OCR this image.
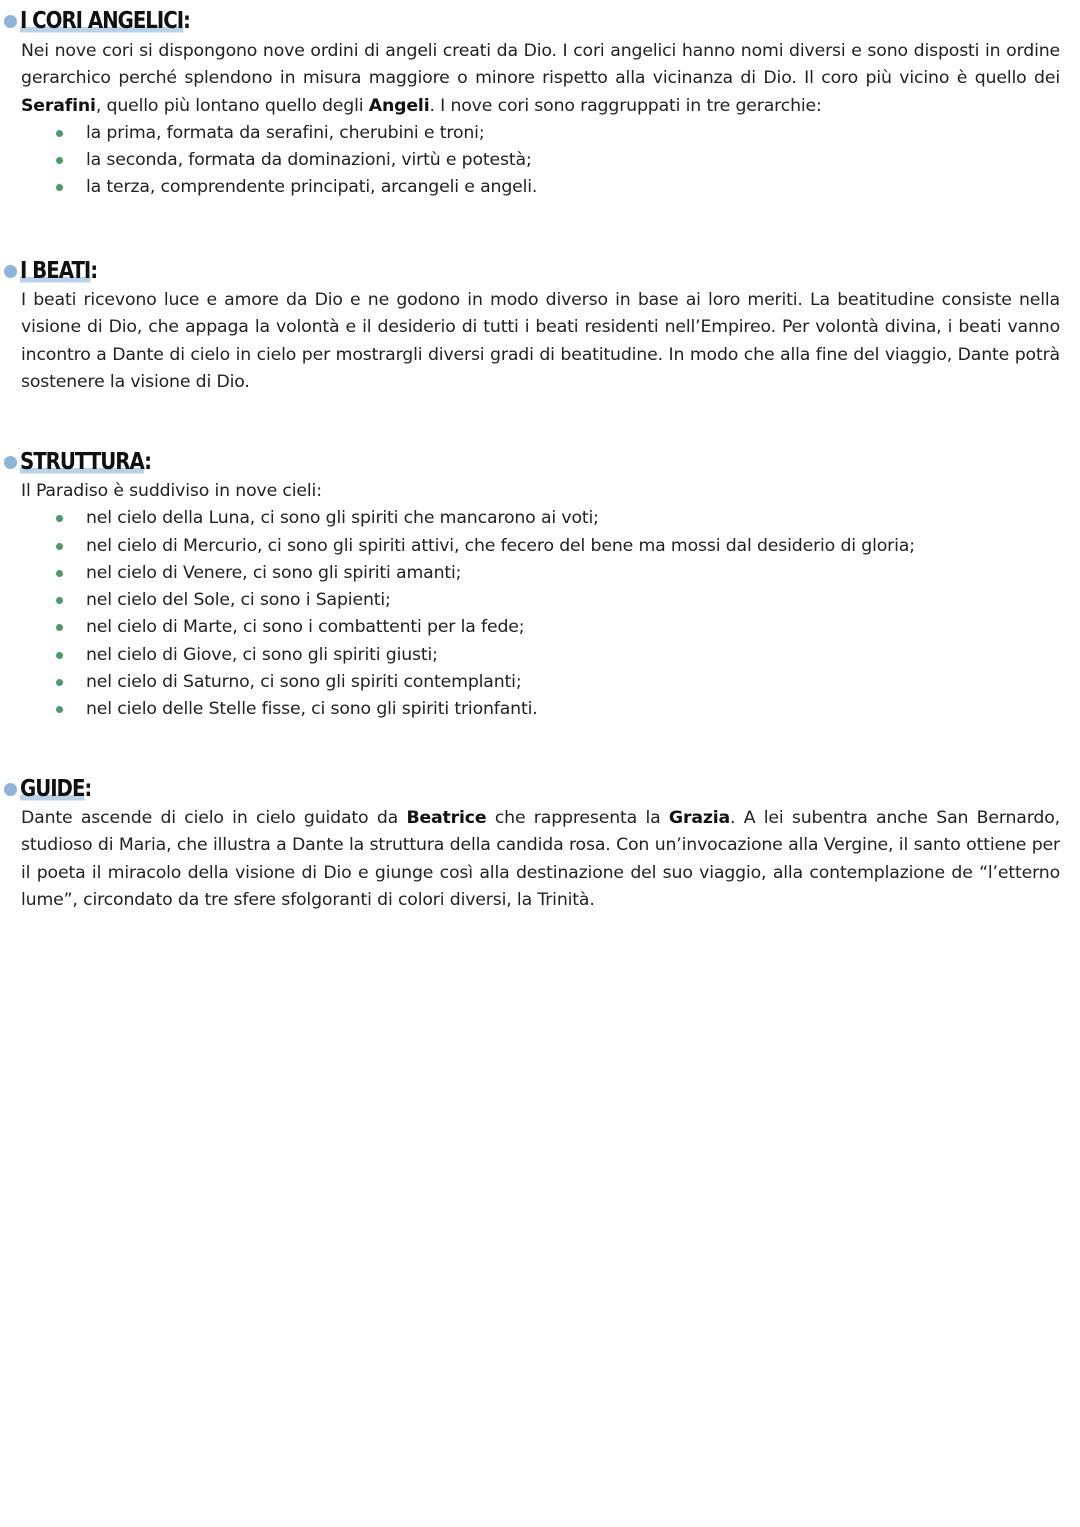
I CORI ANGELICI:

Nei nove cori si dispongono nove ordini di angeli creati da Dio. I cori angelici hanno nomi diversi e sono disposti in ordine gerarchico perché splendono in misura maggiore o minore rispetto alla vicinanza di Dio. Il coro più vicino è quello dei Serafini, quello più lontano quello degli Angeli. I nove cori sono raggruppati in tre gerarchie:

la prima, formata da serafini, cherubini e troni;
la seconda, formata da dominazioni, virtù e potestà;
la terza, comprendente principati, arcangeli e angeli.
I BEATI:

I beati ricevono luce e amore da Dio e ne godono in modo diverso in base ai loro meriti. La beatitudine consiste nella visione di Dio, che appaga la volontà e il desiderio di tutti i beati residenti nell’Empireo. Per volontà divina, i beati vanno incontro a Dante di cielo in cielo per mostrargli diversi gradi di beatitudine. In modo che alla fine del viaggio, Dante potrà sostenere la visione di Dio.

STRUTTURA:

Il Paradiso è suddiviso in nove cieli:

nel cielo della Luna, ci sono gli spiriti che mancarono ai voti;
nel cielo di Mercurio, ci sono gli spiriti attivi, che fecero del bene ma mossi dal desiderio di gloria;
nel cielo di Venere, ci sono gli spiriti amanti;
nel cielo del Sole, ci sono i Sapienti;
nel cielo di Marte, ci sono i combattenti per la fede;
nel cielo di Giove, ci sono gli spiriti giusti;
nel cielo di Saturno, ci sono gli spiriti contemplanti;
nel cielo delle Stelle fisse, ci sono gli spiriti trionfanti.
GUIDE:

Dante ascende di cielo in cielo guidato da Beatrice che rappresenta la Grazia. A lei subentra anche San Bernardo, studioso di Maria, che illustra a Dante la struttura della candida rosa. Con un’invocazione alla Vergine, il santo ottiene per il poeta il miracolo della visione di Dio e giunge così alla destinazione del suo viaggio, alla contemplazione de “l’etterno lume”, circondato da tre sfere sfolgoranti di colori diversi, la Trinità.
